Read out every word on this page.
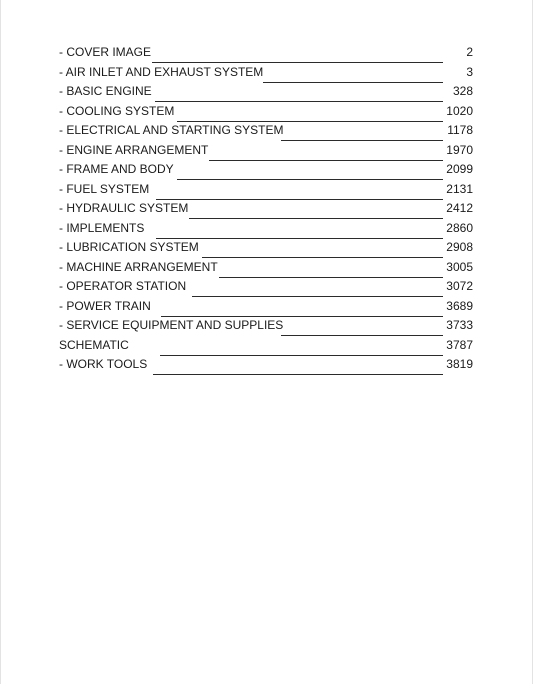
- COVER IMAGE	2
- AIR INLET AND EXHAUST SYSTEM	3
- BASIC ENGINE	328
- COOLING SYSTEM	1020
- ELECTRICAL AND STARTING SYSTEM	1178
- ENGINE ARRANGEMENT	1970
- FRAME AND BODY	2099
- FUEL SYSTEM	2131
- HYDRAULIC SYSTEM	2412
- IMPLEMENTS	2860
- LUBRICATION SYSTEM	2908
- MACHINE ARRANGEMENT	3005
- OPERATOR STATION	3072
- POWER TRAIN	3689
- SERVICE EQUIPMENT AND SUPPLIES	3733
SCHEMATIC	3787
- WORK TOOLS	3819
